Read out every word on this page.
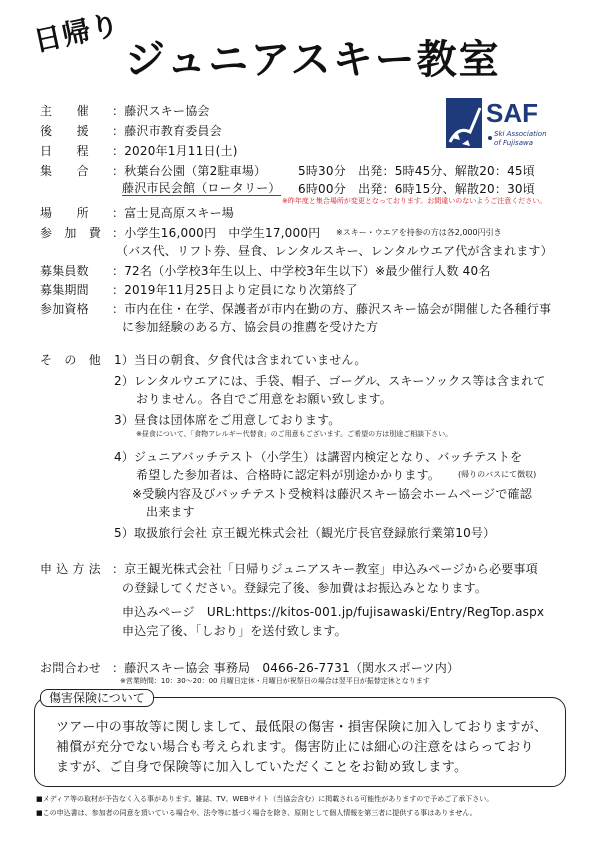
日帰り
ジュニアスキー教室
SAF
Ski Association
of Fujisawa
主　　催 ：藤沢スキー協会
後　　援 ：藤沢市教育委員会
日　　程 ：2020年1月11日(土)
集　　合 ：秋葉台公園（第2駐車場）	5時30分　出発：5時45分、解散20：45頃
藤沢市民会館（ロータリー） 6時00分　出発：6時15分、解散20：30頃
※昨年度と集合場所が変更となっております。お間違いのないようご注意ください。
場　　所 ：富士見高原スキー場
参　加　費 ：小学生16,000円　中学生17,000円 ※スキー・ウエアを持参の方は各2,000円引き
（バス代、リフト券、昼食、レンタルスキー、レンタルウエア代が含まれます）
募集員数 ：72名（小学校3年生以上、中学校3年生以下）※最少催行人数 40名
募集期間 ：2019年11月25日より定員になり次第終了
参加資格 ：市内在住・在学、保護者が市内在勤の方、藤沢スキー協会が開催した各種行事
に参加経験のある方、協会員の推薦を受けた方
そ　の　他 1）当日の朝食、夕食代は含まれていません。
2）レンタルウエアには、手袋、帽子、ゴーグル、スキーソックス等は含まれて
おりません。各自でご用意をお願い致します。
3）昼食は団体席をご用意しております。
※昼食について、「食物アレルギー代替食」のご用意もございます。ご希望の方は別途ご相談下さい。
4）ジュニアバッチテスト（小学生）は講習内検定となり、バッチテストを
希望した参加者は、合格時に認定料が別途かかります。 (帰りのバスにて徴収)
※受験内容及びバッチテスト受検料は藤沢スキー協会ホームページで確認
出来ます
5）取扱旅行会社 京王観光株式会社（観光庁長官登録旅行業第10号）
申 込 方 法 ：京王観光株式会社「日帰りジュニアスキー教室」申込みページから必要事項
の登録してください。登録完了後、参加費はお振込みとなります。
申込みページ　URL:https://kitos-001.jp/fujisawaski/Entry/RegTop.aspx
申込完了後、「しおり」を送付致します。
お問合わせ ：藤沢スキー協会 事務局　0466-26-7731（関水スポーツ内）
※営業時間：10：30〜20：00 月曜日定休・月曜日が祝祭日の場合は翌平日が振替定休となります
傷害保険について
ツアー中の事故等に関しまして、最低限の傷害・損害保険に加入しておりますが、
補償が充分でない場合も考えられます。傷害防止には細心の注意をはらっており
ますが、ご自身で保険等に加入していただくことをお勧め致します。
■メディア等の取材が予告なく入る事があります。雑誌、TV、WEBサイト（当協会含む）に掲載される可能性がありますので予めご了承下さい。
■この申込書は、参加者の同意を頂いている場合や、法令等に基づく場合を除き、原則として個人情報を第三者に提供する事はありません。
